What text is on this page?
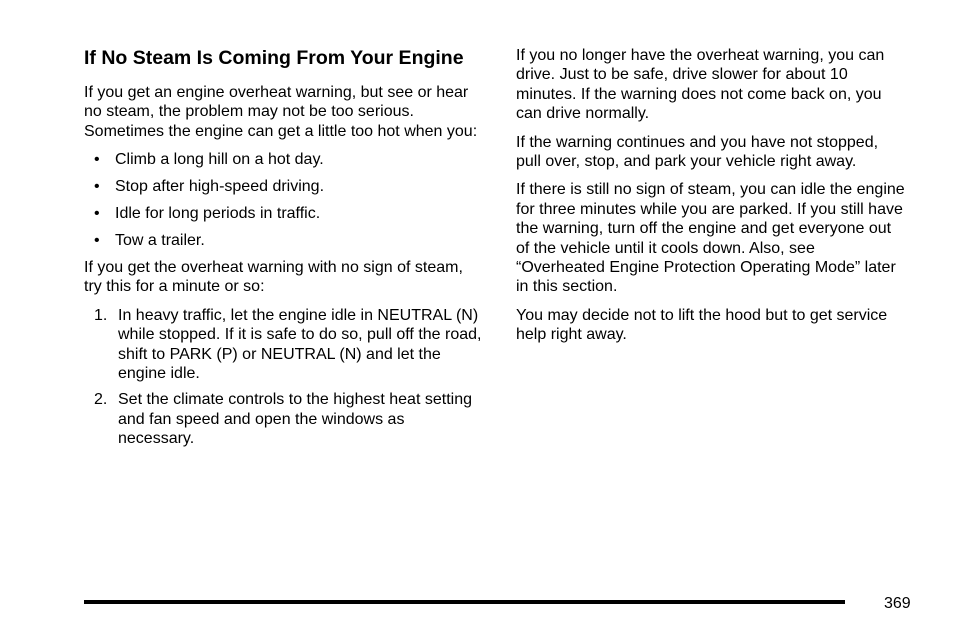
If No Steam Is Coming From Your Engine

If you get an engine overheat warning, but see or hear no steam, the problem may not be too serious. Sometimes the engine can get a little too hot when you:

• Climb a long hill on a hot day.
• Stop after high-speed driving.
• Idle for long periods in traffic.
• Tow a trailer.

If you get the overheat warning with no sign of steam, try this for a minute or so:

1. In heavy traffic, let the engine idle in NEUTRAL (N) while stopped. If it is safe to do so, pull off the road, shift to PARK (P) or NEUTRAL (N) and let the engine idle.
2. Set the climate controls to the highest heat setting and fan speed and open the windows as necessary.

If you no longer have the overheat warning, you can drive. Just to be safe, drive slower for about 10 minutes. If the warning does not come back on, you can drive normally.

If the warning continues and you have not stopped, pull over, stop, and park your vehicle right away.

If there is still no sign of steam, you can idle the engine for three minutes while you are parked. If you still have the warning, turn off the engine and get everyone out of the vehicle until it cools down. Also, see “Overheated Engine Protection Operating Mode” later in this section.

You may decide not to lift the hood but to get service help right away.

369
